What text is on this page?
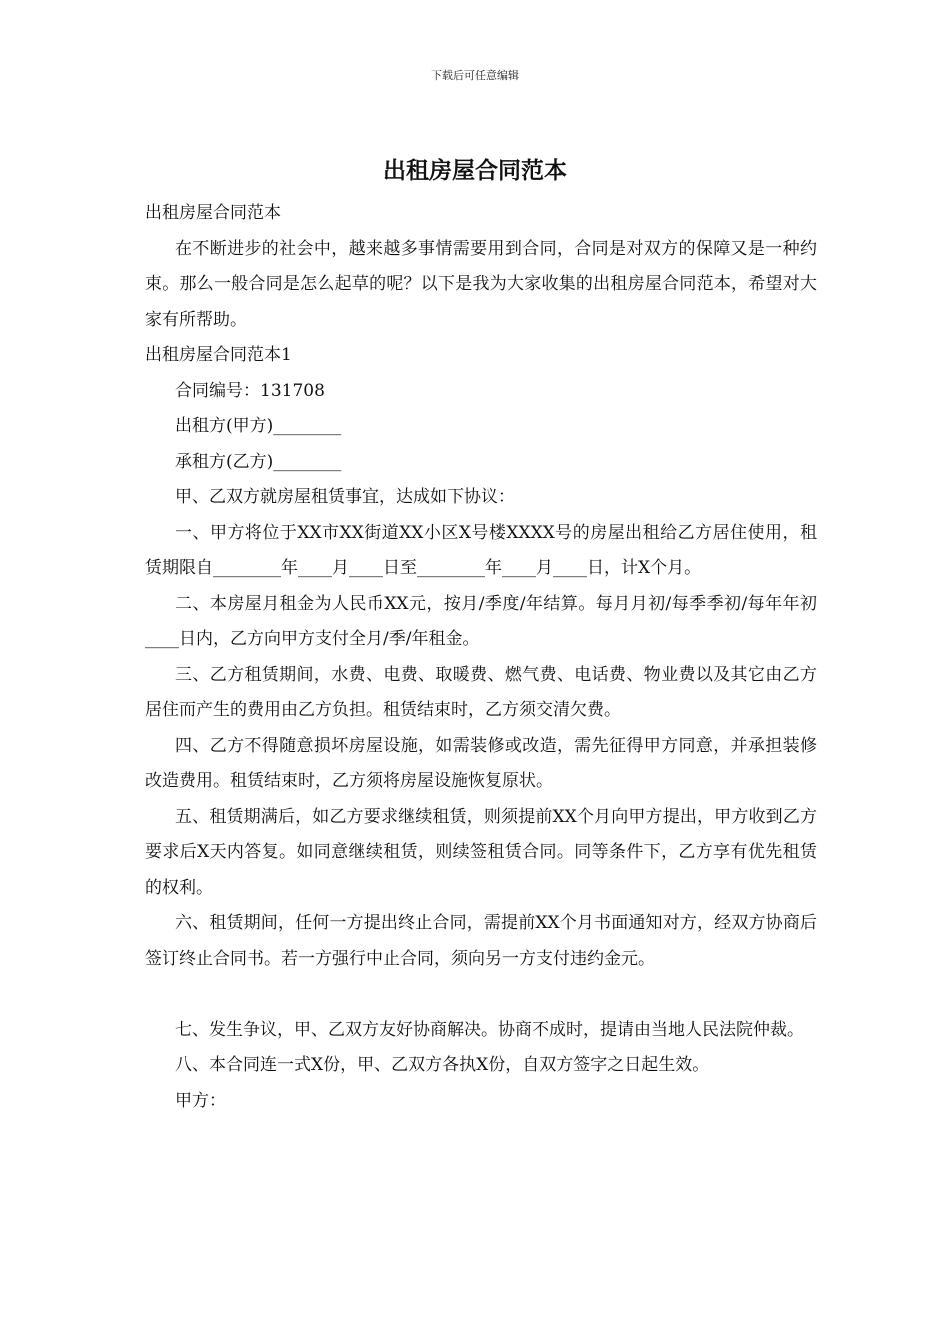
下载后可任意编辑
出租房屋合同范本

出租房屋合同范本

在不断进步的社会中，越来越多事情需要用到合同，合同是对双方的保障又是一种约束。那么一般合同是怎么起草的呢？以下是我为大家收集的出租房屋合同范本，希望对大家有所帮助。

出租房屋合同范本1

合同编号：131708

出租方(甲方)________

承租方(乙方)________

甲、乙双方就房屋租赁事宜，达成如下协议：

一、甲方将位于XX市XX街道XX小区X号楼XXXX号的房屋出租给乙方居住使用，租赁期限自________年____月____日至________年____月____日，计X个月。

二、本房屋月租金为人民币XX元，按月/季度/年结算。每月月初/每季季初/每年年初____日内，乙方向甲方支付全月/季/年租金。

三、乙方租赁期间，水费、电费、取暖费、燃气费、电话费、物业费以及其它由乙方居住而产生的费用由乙方负担。租赁结束时，乙方须交清欠费。

四、乙方不得随意损坏房屋设施，如需装修或改造，需先征得甲方同意，并承担装修改造费用。租赁结束时，乙方须将房屋设施恢复原状。

五、租赁期满后，如乙方要求继续租赁，则须提前XX个月向甲方提出，甲方收到乙方要求后X天内答复。如同意继续租赁，则续签租赁合同。同等条件下，乙方享有优先租赁的权利。

六、租赁期间，任何一方提出终止合同，需提前XX个月书面通知对方，经双方协商后签订终止合同书。若一方强行中止合同，须向另一方支付违约金元。

七、发生争议，甲、乙双方友好协商解决。协商不成时，提请由当地人民法院仲裁。

八、本合同连一式X份，甲、乙双方各执X份，自双方签字之日起生效。

甲方：
